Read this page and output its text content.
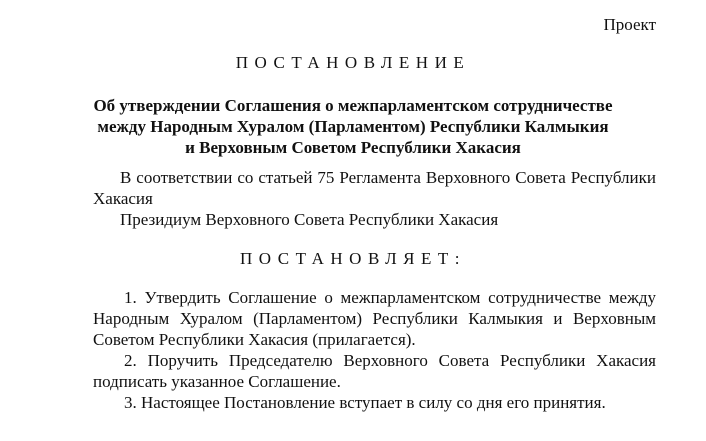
Проект
ПОСТАНОВЛЕНИЕ
Об утверждении Соглашения о межпарламентском сотрудничестве
между Народным Хуралом (Парламентом) Республики Калмыкия
и Верховным Советом Республики Хакасия

В соответствии со статьей 75 Регламента Верховного Совета Республики Хакасия

Президиум Верховного Совета Республики Хакасия

ПОСТАНОВЛЯЕТ:

1. Утвердить Соглашение о межпарламентском сотрудничестве между Народным Хуралом (Парламентом) Республики Калмыкия и Верховным Советом Республики Хакасия (прилагается).

2. Поручить Председателю Верховного Совета Республики Хакасия подписать указанное Соглашение.

3. Настоящее Постановление вступает в силу со дня его принятия.
